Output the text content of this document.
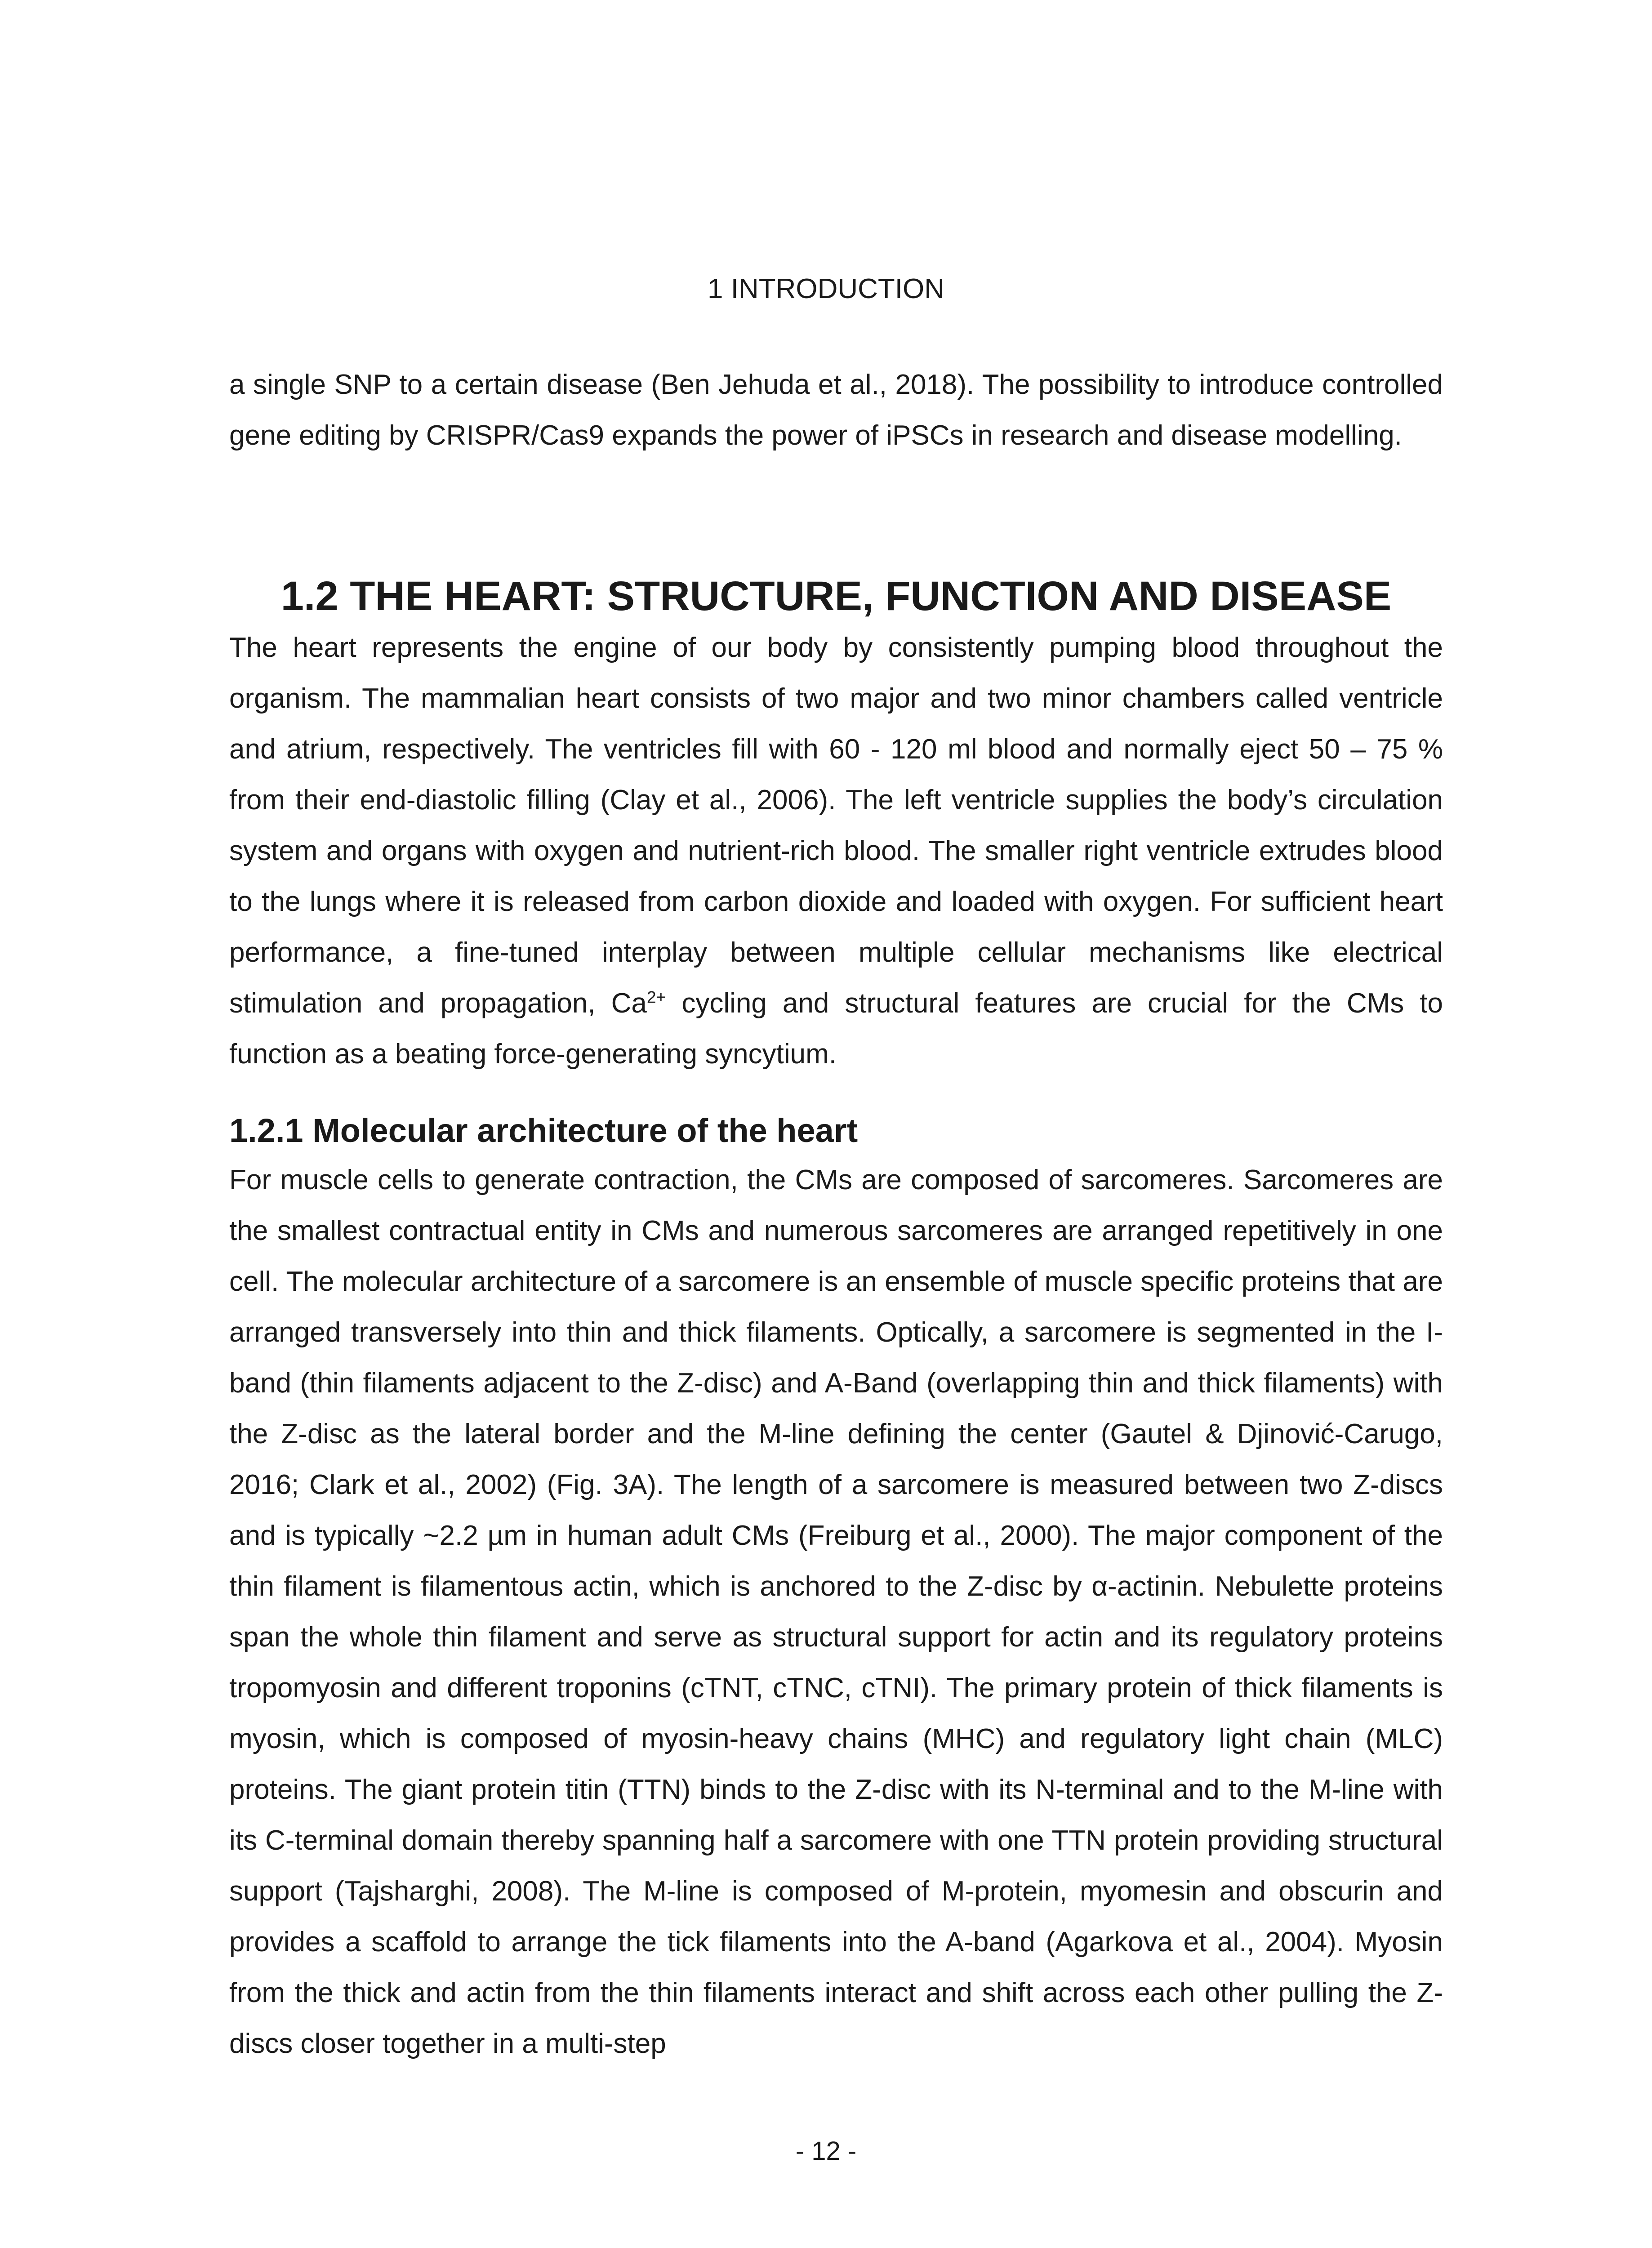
1 INTRODUCTION

a single SNP to a certain disease (Ben Jehuda et al., 2018). The possibility to introduce controlled gene editing by CRISPR/Cas9 expands the power of iPSCs in research and disease modelling.

1.2 THE HEART: STRUCTURE, FUNCTION AND DISEASE

The heart represents the engine of our body by consistently pumping blood throughout the organism. The mammalian heart consists of two major and two minor chambers called ventricle and atrium, respectively. The ventricles fill with 60 - 120 ml blood and normally eject 50 – 75 % from their end-diastolic filling (Clay et al., 2006). The left ventricle supplies the body’s circulation system and organs with oxygen and nutrient-rich blood. The smaller right ventricle extrudes blood to the lungs where it is released from carbon dioxide and loaded with oxygen. For sufficient heart performance, a fine-tuned interplay between multiple cellular mechanisms like electrical stimulation and propagation, $Ca^{2+}$ cycling and structural features are crucial for the CMs to function as a beating force-generating syncytium.

1.2.1 Molecular architecture of the heart

For muscle cells to generate contraction, the CMs are composed of sarcomeres. Sarcomeres are the smallest contractual entity in CMs and numerous sarcomeres are arranged repetitively in one cell. The molecular architecture of a sarcomere is an ensemble of muscle specific proteins that are arranged transversely into thin and thick filaments. Optically, a sarcomere is segmented in the I-band (thin filaments adjacent to the Z-disc) and A-Band (overlapping thin and thick filaments) with the Z-disc as the lateral border and the M-line defining the center (Gautel & Djinović-Carugo, 2016; Clark et al., 2002) (Fig. 3A). The length of a sarcomere is measured between two Z-discs and is typically ~2.2 µm in human adult CMs (Freiburg et al., 2000). The major component of the thin filament is filamentous actin, which is anchored to the Z-disc by α-actinin. Nebulette proteins span the whole thin filament and serve as structural support for actin and its regulatory proteins tropomyosin and different troponins (cTNT, cTNC, cTNI). The primary protein of thick filaments is myosin, which is composed of myosin-heavy chains (MHC) and regulatory light chain (MLC) proteins. The giant protein titin (TTN) binds to the Z-disc with its N-terminal and to the M-line with its C-terminal domain thereby spanning half a sarcomere with one TTN protein providing structural support (Tajsharghi, 2008). The M-line is composed of M-protein, myomesin and obscurin and provides a scaffold to arrange the tick filaments into the A-band (Agarkova et al., 2004). Myosin from the thick and actin from the thin filaments interact and shift across each other pulling the Z-discs closer together in a multi-step

- 12 -
